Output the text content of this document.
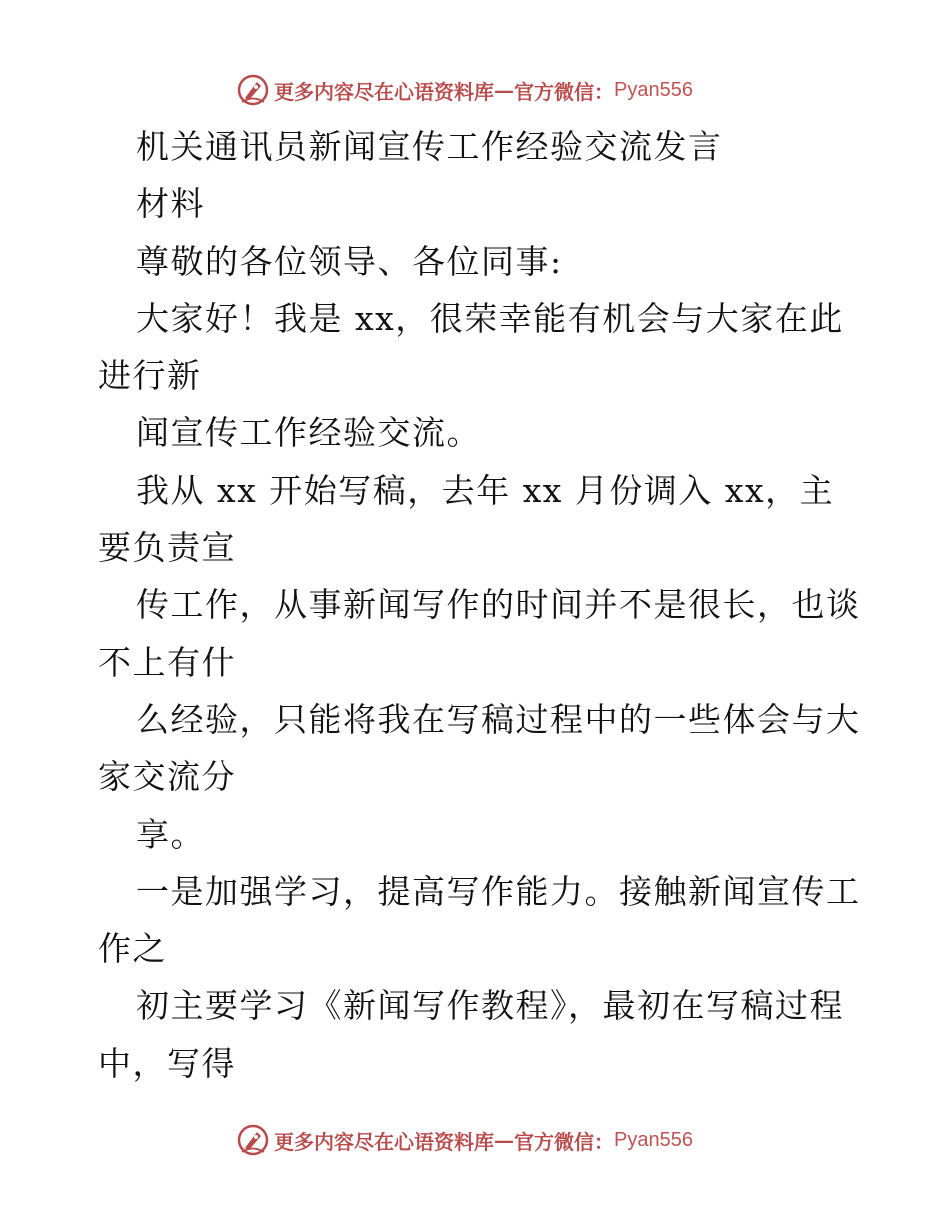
更多内容尽在心语资料库 — 官方微信： Pyan556
机关通讯员新闻宣传工作经验交流发言
材料
尊敬的各位领导、各位同事:
大家好！我是 xx，很荣幸能有机会与大家在此
进行新
闻宣传工作经验交流。
我从 xx 开始写稿，去年 xx 月份调入 xx，主
要负责宣
传工作，从事新闻写作的时间并不是很长，也谈
不上有什
么经验，只能将我在写稿过程中的一些体会与大
家交流分
享。
一是加强学习，提高写作能力。接触新闻宣传工
作之
初主要学习《新闻写作教程》，最初在写稿过程
中，写得
更多内容尽在心语资料库 — 官方微信： Pyan556
